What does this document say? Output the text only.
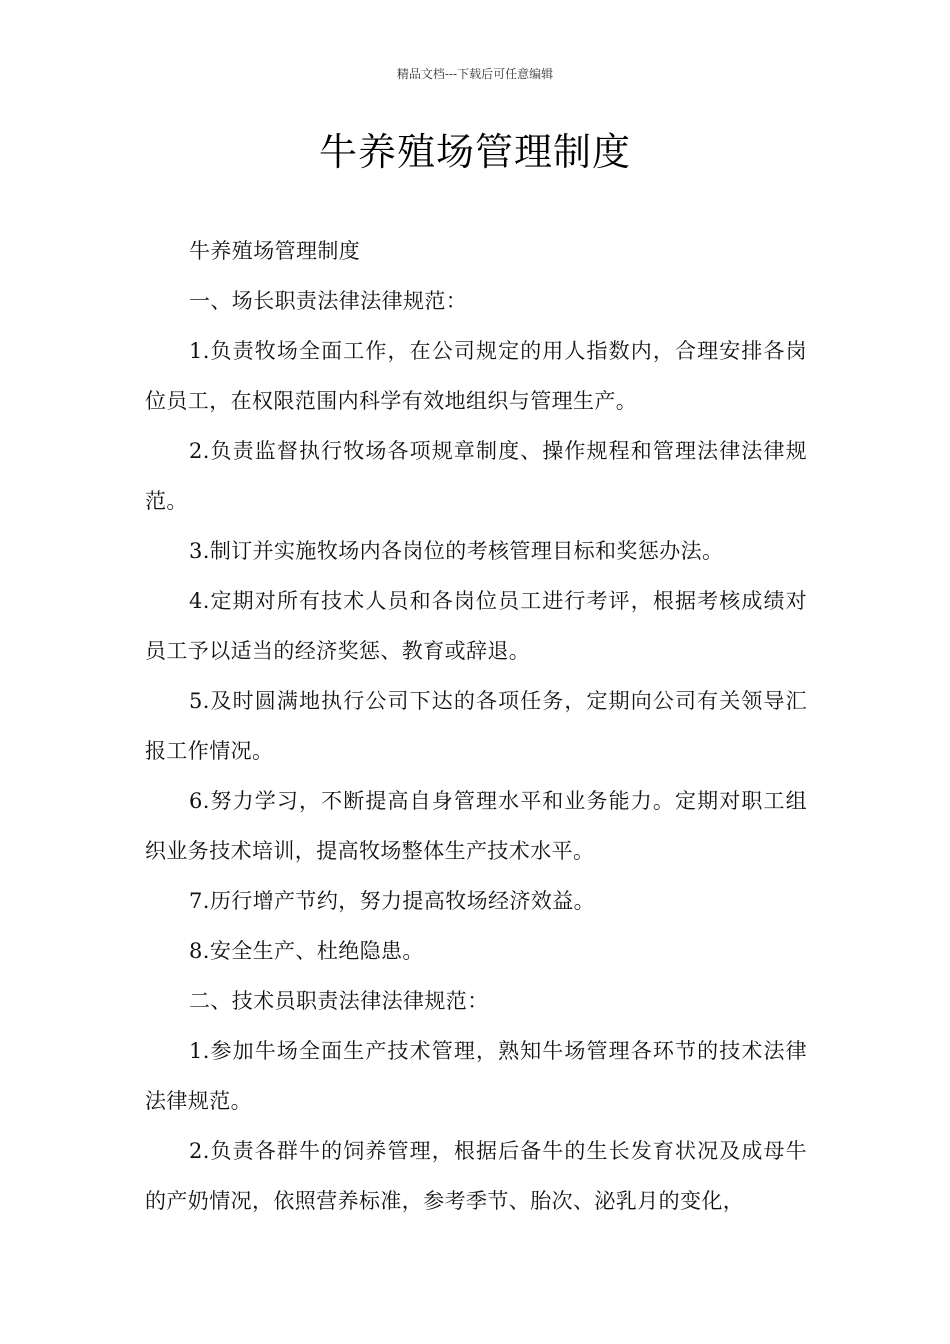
精品文档---下载后可任意编辑
牛养殖场管理制度

牛养殖场管理制度

一、场长职责法律法律规范：

1.负责牧场全面工作，在公司规定的用人指数内，合理安排各岗位员工，在权限范围内科学有效地组织与管理生产。

2.负责监督执行牧场各项规章制度、操作规程和管理法律法律规范。

3.制订并实施牧场内各岗位的考核管理目标和奖惩办法。

4.定期对所有技术人员和各岗位员工进行考评，根据考核成绩对员工予以适当的经济奖惩、教育或辞退。

5.及时圆满地执行公司下达的各项任务，定期向公司有关领导汇报工作情况。

6.努力学习，不断提高自身管理水平和业务能力。定期对职工组织业务技术培训，提高牧场整体生产技术水平。

7.历行增产节约，努力提高牧场经济效益。

8.安全生产、杜绝隐患。

二、技术员职责法律法律规范：

1.参加牛场全面生产技术管理，熟知牛场管理各环节的技术法律法律规范。

2.负责各群牛的饲养管理，根据后备牛的生长发育状况及成母牛的产奶情况，依照营养标准，参考季节、胎次、泌乳月的变化，
